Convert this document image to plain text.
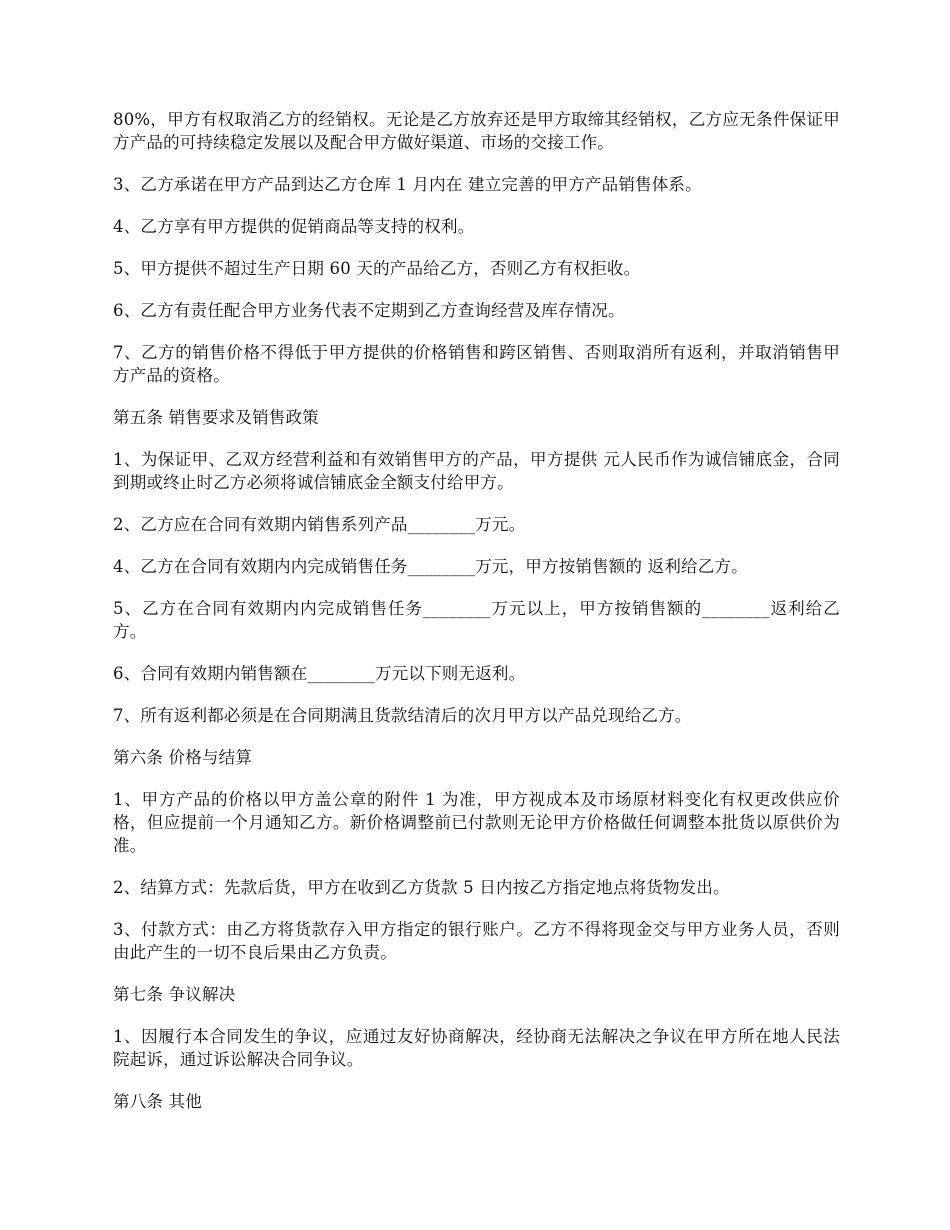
80%，甲方有权取消乙方的经销权。无论是乙方放弃还是甲方取缔其经销权，乙方应无条件保证甲方产品的可持续稳定发展以及配合甲方做好渠道、市场的交接工作。

3、乙方承诺在甲方产品到达乙方仓库 1 月内在 建立完善的甲方产品销售体系。

4、乙方享有甲方提供的促销商品等支持的权利。

5、甲方提供不超过生产日期 60 天的产品给乙方，否则乙方有权拒收。

6、乙方有责任配合甲方业务代表不定期到乙方查询经营及库存情况。

7、乙方的销售价格不得低于甲方提供的价格销售和跨区销售、否则取消所有返利，并取消销售甲方产品的资格。

第五条 销售要求及销售政策

1、为保证甲、乙双方经营利益和有效销售甲方的产品，甲方提供 元人民币作为诚信铺底金，合同到期或终止时乙方必须将诚信铺底金全额支付给甲方。

2、乙方应在合同有效期内销售系列产品________万元。

4、乙方在合同有效期内内完成销售任务________万元，甲方按销售额的 返利给乙方。

5、乙方在合同有效期内内完成销售任务________万元以上，甲方按销售额的________返利给乙方。

6、合同有效期内销售额在________万元以下则无返利。

7、所有返利都必须是在合同期满且货款结清后的次月甲方以产品兑现给乙方。

第六条 价格与结算

1、甲方产品的价格以甲方盖公章的附件 1 为准，甲方视成本及市场原材料变化有权更改供应价格，但应提前一个月通知乙方。新价格调整前已付款则无论甲方价格做任何调整本批货以原供价为准。

2、结算方式：先款后货，甲方在收到乙方货款 5 日内按乙方指定地点将货物发出。

3、付款方式：由乙方将货款存入甲方指定的银行账户。乙方不得将现金交与甲方业务人员，否则由此产生的一切不良后果由乙方负责。

第七条 争议解决

1、因履行本合同发生的争议，应通过友好协商解决，经协商无法解决之争议在甲方所在地人民法院起诉，通过诉讼解决合同争议。

第八条 其他
